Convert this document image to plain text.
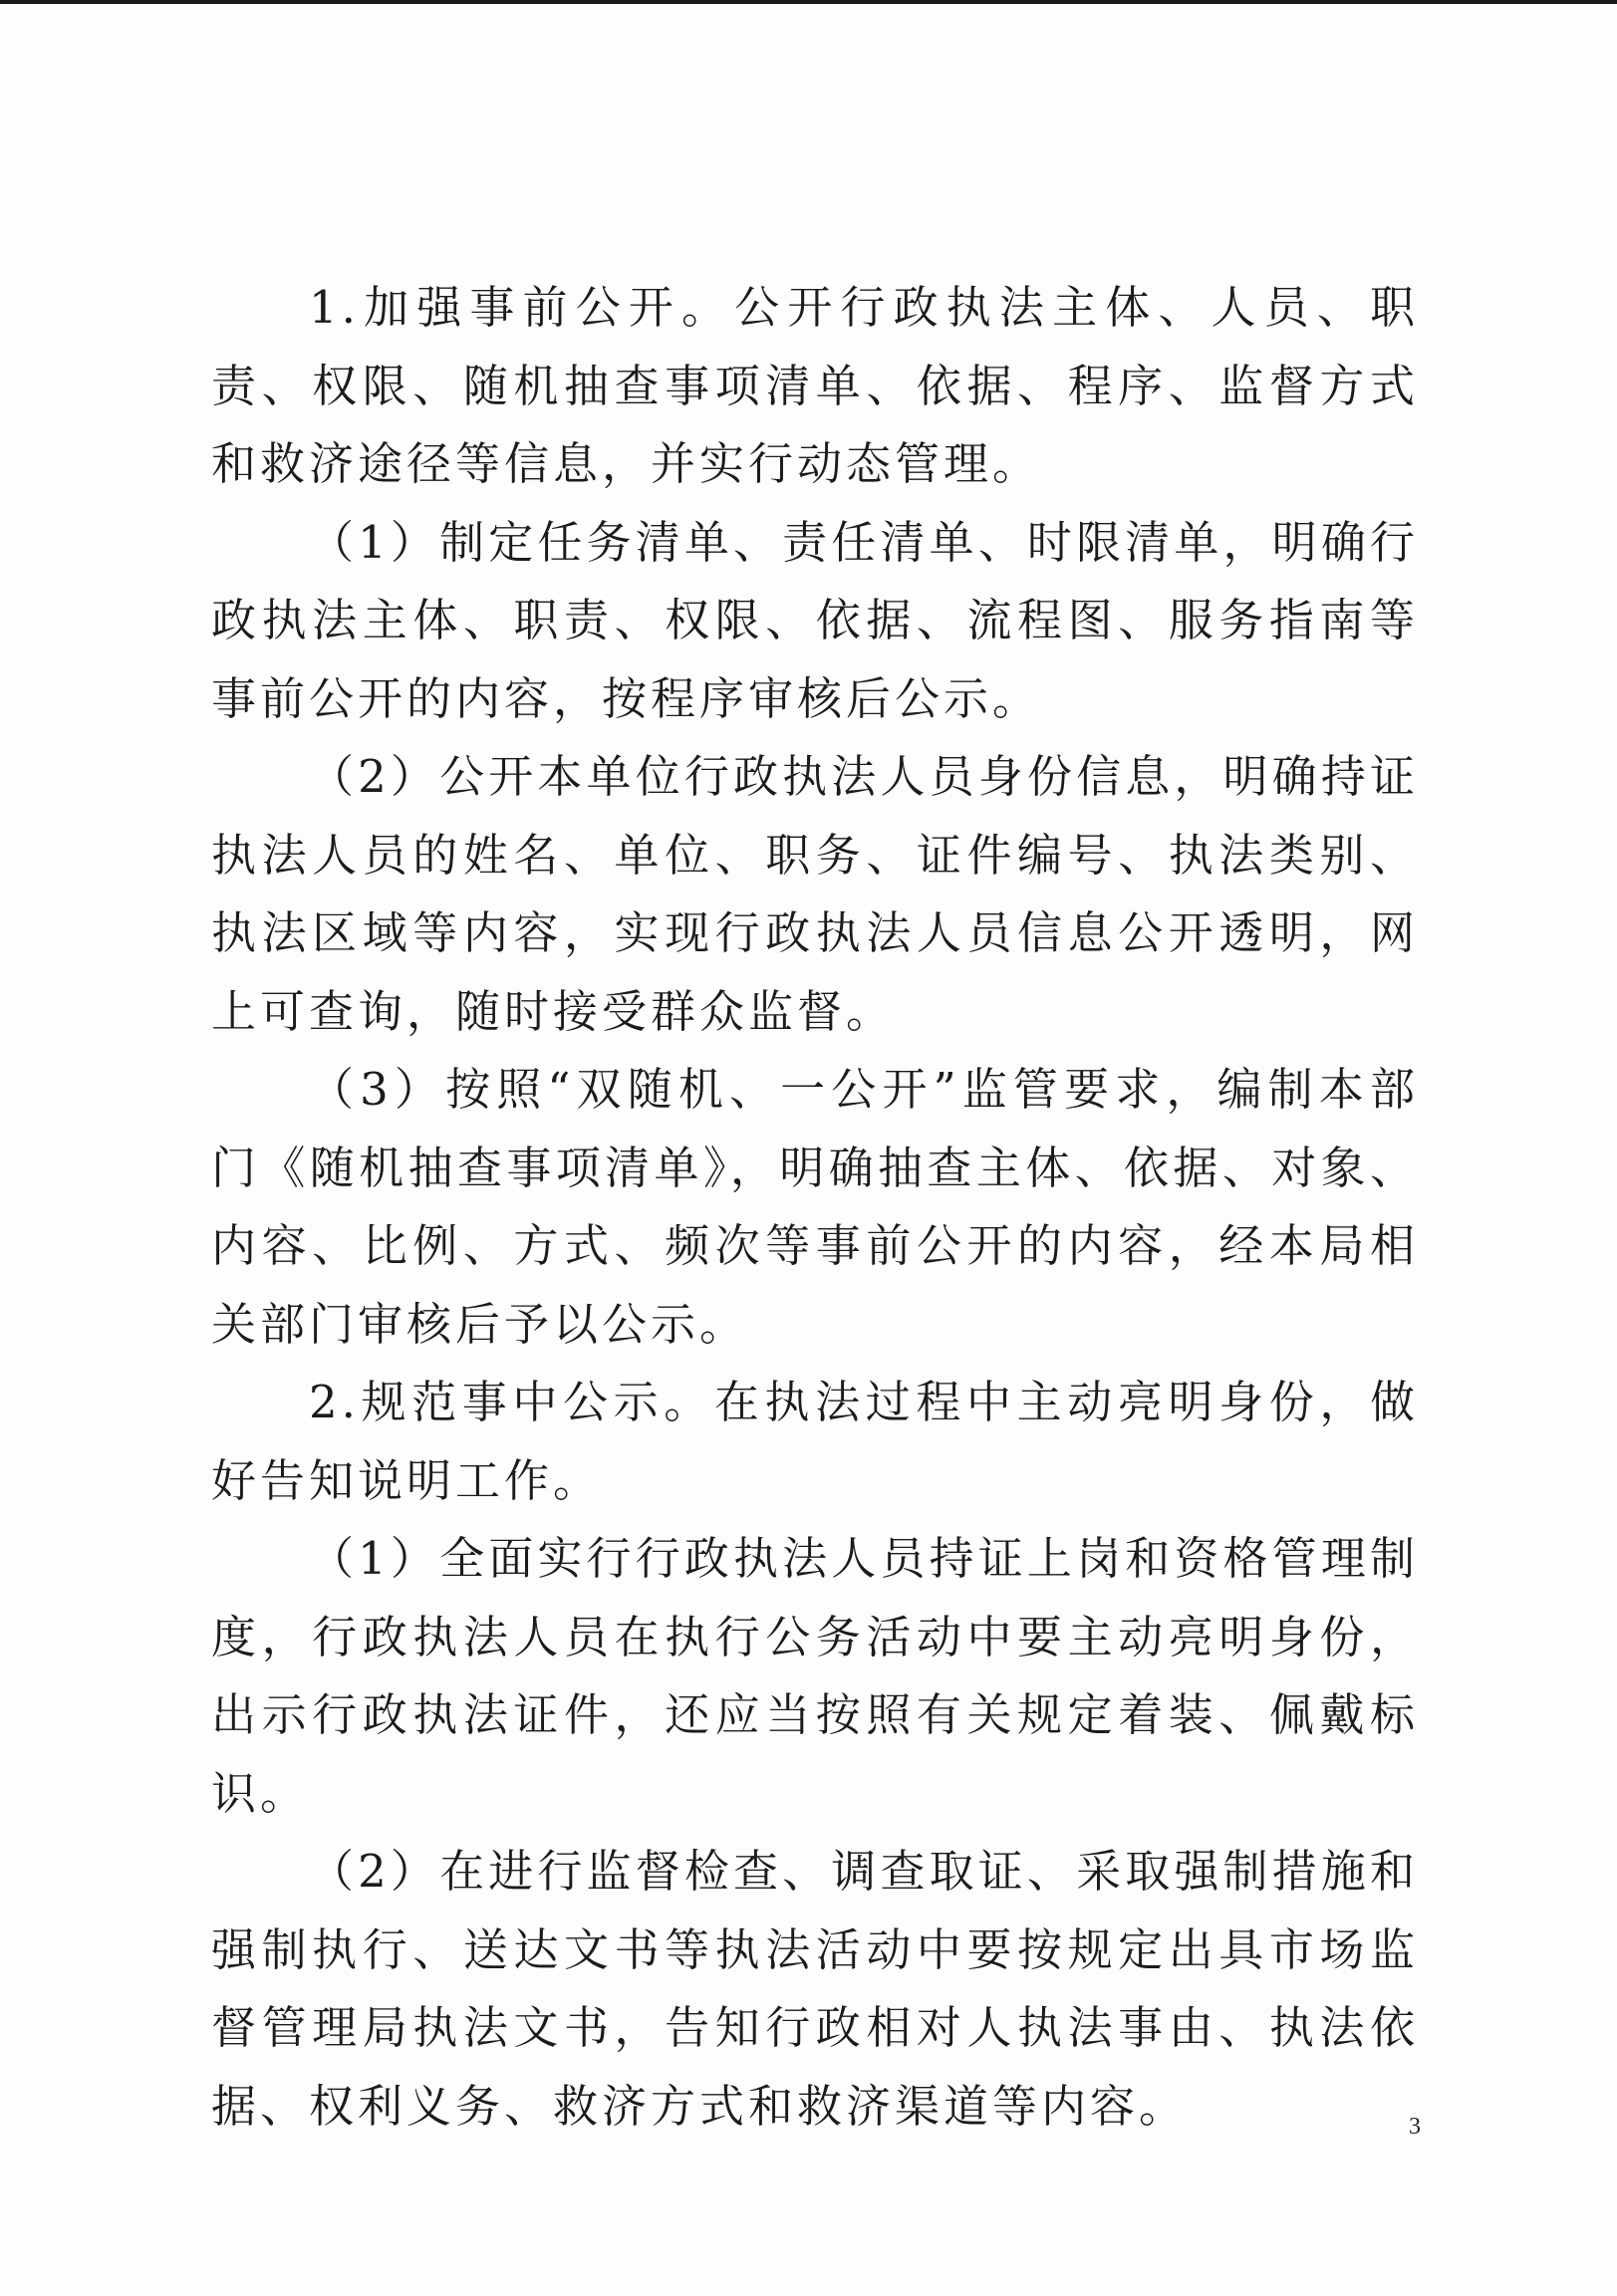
1.加强事前公开。公开行政执法主体、人员、职责、权限、随机抽查事项清单、依据、程序、监督方式和救济途径等信息，并实行动态管理。

（1）制定任务清单、责任清单、时限清单，明确行政执法主体、职责、权限、依据、流程图、服务指南等事前公开的内容，按程序审核后公示。

（2）公开本单位行政执法人员身份信息，明确持证执法人员的姓名、单位、职务、证件编号、执法类别、执法区域等内容，实现行政执法人员信息公开透明，网上可查询，随时接受群众监督。

（3）按照“双随机、一公开”监管要求，编制本部门《随机抽查事项清单》，明确抽查主体、依据、对象、内容、比例、方式、频次等事前公开的内容，经本局相关部门审核后予以公示。

2.规范事中公示。在执法过程中主动亮明身份，做好告知说明工作。

（1）全面实行行政执法人员持证上岗和资格管理制度，行政执法人员在执行公务活动中要主动亮明身份，出示行政执法证件，还应当按照有关规定着装、佩戴标识。

（2）在进行监督检查、调查取证、采取强制措施和强制执行、送达文书等执法活动中要按规定出具市场监督管理局执法文书，告知行政相对人执法事由、执法依据、权利义务、救济方式和救济渠道等内容。	3
